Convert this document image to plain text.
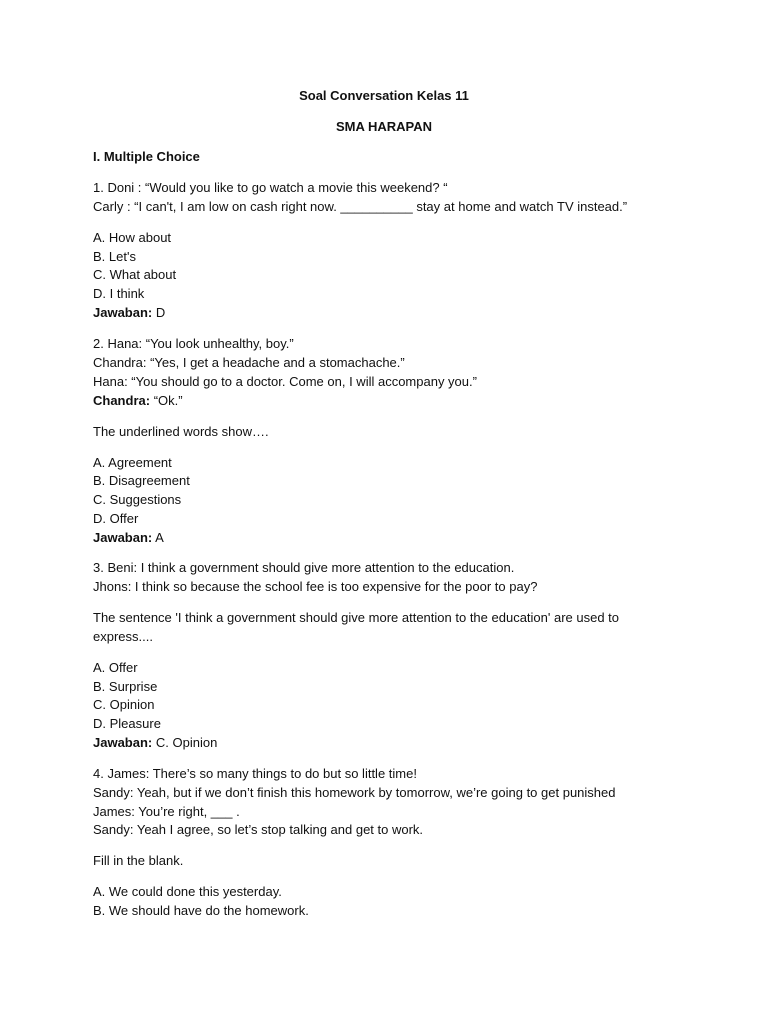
Soal Conversation Kelas 11
SMA HARAPAN
I. Multiple Choice
1. Doni : “Would you like to go watch a movie this weekend? “
Carly : “I can't, I am low on cash right now. __________ stay at home and watch TV instead.”
A. How about
B. Let's
C. What about
D. I think
Jawaban: D
2. Hana: “You look unhealthy, boy.”
Chandra: “Yes, I get a headache and a stomachache.”
Hana: “You should go to a doctor. Come on, I will accompany you.”
Chandra: “Ok.”
The underlined words show….
A. Agreement
B. Disagreement
C. Suggestions
D. Offer
Jawaban: A
3. Beni: I think a government should give more attention to the education.
Jhons: I think so because the school fee is too expensive for the poor to pay?
The sentence 'I think a government should give more attention to the education' are used to
express....
A. Offer
B. Surprise
C. Opinion
D. Pleasure
Jawaban: C. Opinion
4. James: There’s so many things to do but so little time!
Sandy: Yeah, but if we don’t finish this homework by tomorrow, we’re going to get punished
James: You’re right, ___ .
Sandy: Yeah I agree, so let’s stop talking and get to work.
Fill in the blank.
A. We could done this yesterday.
B. We should have do the homework.
